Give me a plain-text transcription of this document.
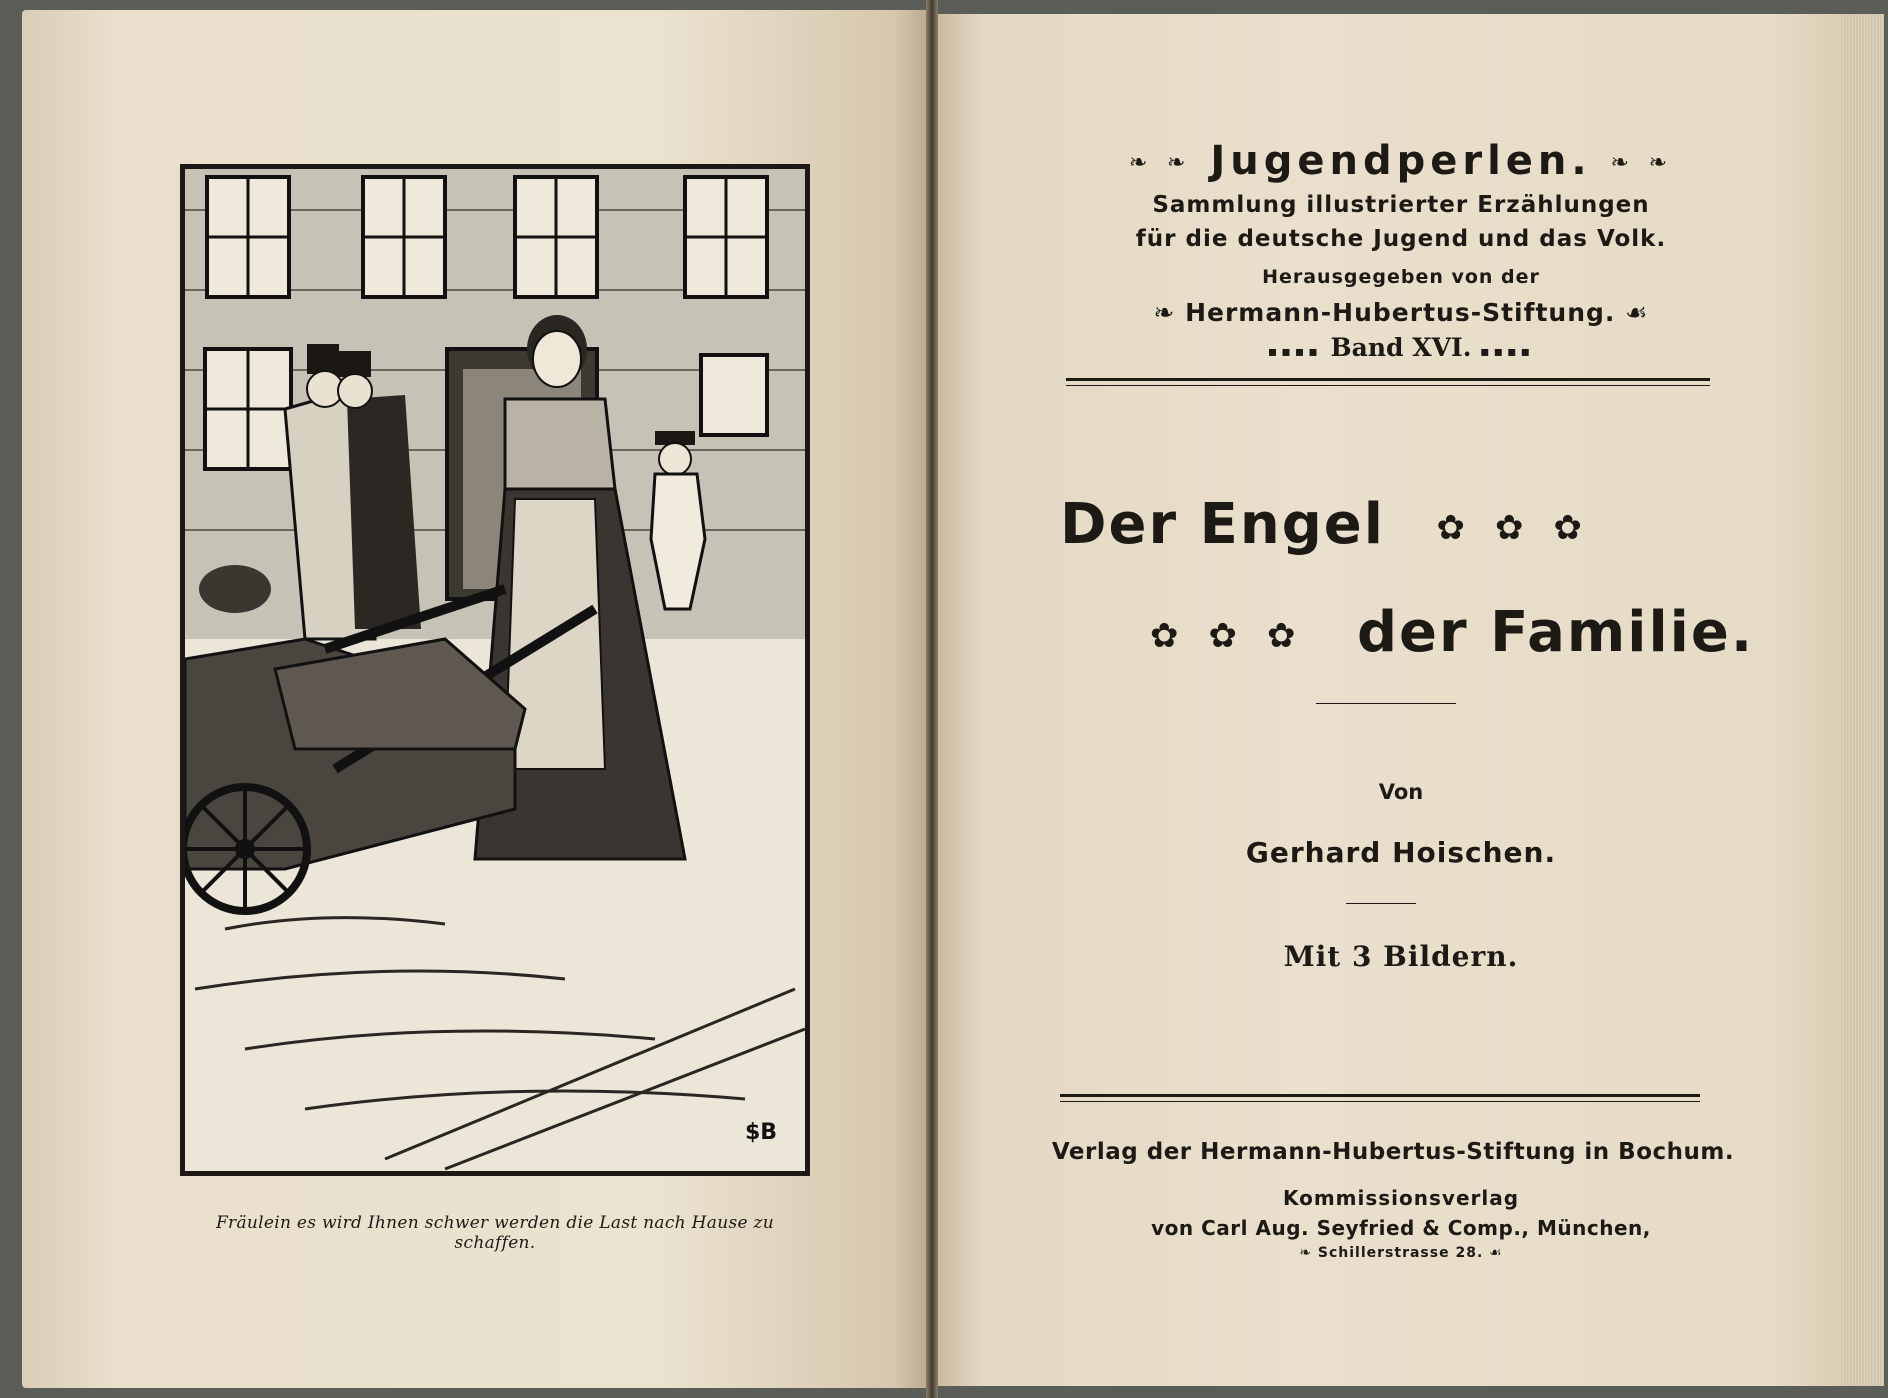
$B
Fräulein es wird Ihnen schwer werden die Last nach Hause zu schaffen.
❧ ❧ Jugendperlen. ❧ ❧
Sammlung illustrierter Erzählungen
für die deutsche Jugend und das Volk.
Herausgegeben von der
❧ Hermann-Hubertus-Stiftung. ☙
▪▪▪▪ Band XVI. ▪▪▪▪
Der Engel ✿✿✿
✿✿✿ der Familie.
Von
Gerhard Hoischen.
Mit 3 Bildern.
Verlag der Hermann-Hubertus-Stiftung in Bochum.
Kommissionsverlag
von Carl Aug. Seyfried & Comp., München,
❧ Schillerstrasse 28. ☙
